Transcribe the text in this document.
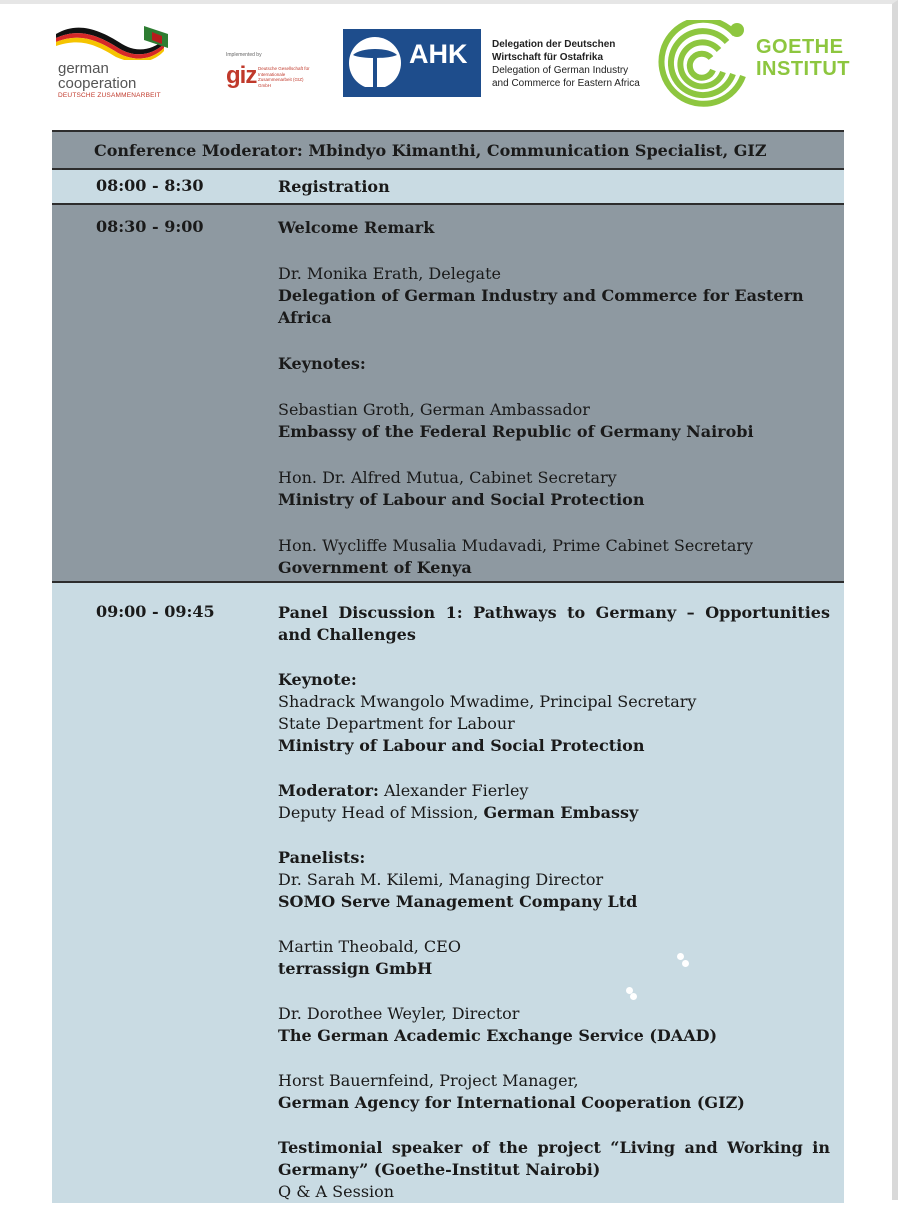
german
cooperation
DEUTSCHE ZUSAMMENARBEIT
Implemented by
giz Deutsche Gesellschaft für Internationale Zusammenarbeit (GIZ) GmbH
AHK Delegation der Deutschen
Wirtschaft für Ostafrika
Delegation of German Industry
and Commerce for Eastern Africa
GOETHE
INSTITUT
Conference Moderator: Mbindyo Kimanthi, Communication Specialist, GIZ
08:00 - 8:30	Registration
08:30 - 9:00	Welcome Remark

Dr. Monika Erath, Delegate

Delegation of German Industry and Commerce for Eastern Africa

Keynotes:

Sebastian Groth, German Ambassador

Embassy of the Federal Republic of Germany Nairobi

Hon. Dr. Alfred Mutua, Cabinet Secretary

Ministry of Labour and Social Protection

Hon. Wycliffe Musalia Mudavadi, Prime Cabinet Secretary

Government of Kenya

09:00 - 09:45	Panel Discussion 1: Pathways to Germany – Opportunities and Challenges

Keynote:

Shadrack Mwangolo Mwadime, Principal Secretary

State Department for Labour

Ministry of Labour and Social Protection

Moderator: Alexander Fierley

Deputy Head of Mission, German Embassy

Panelists:

Dr. Sarah M. Kilemi, Managing Director

SOMO Serve Management Company Ltd

Martin Theobald, CEO

terrassign GmbH

Dr. Dorothee Weyler, Director

The German Academic Exchange Service (DAAD)

Horst Bauernfeind, Project Manager,

German Agency for International Cooperation (GIZ)

Testimonial speaker of the project “Living and Working in Germany” (Goethe-Institut Nairobi)

Q & A Session
